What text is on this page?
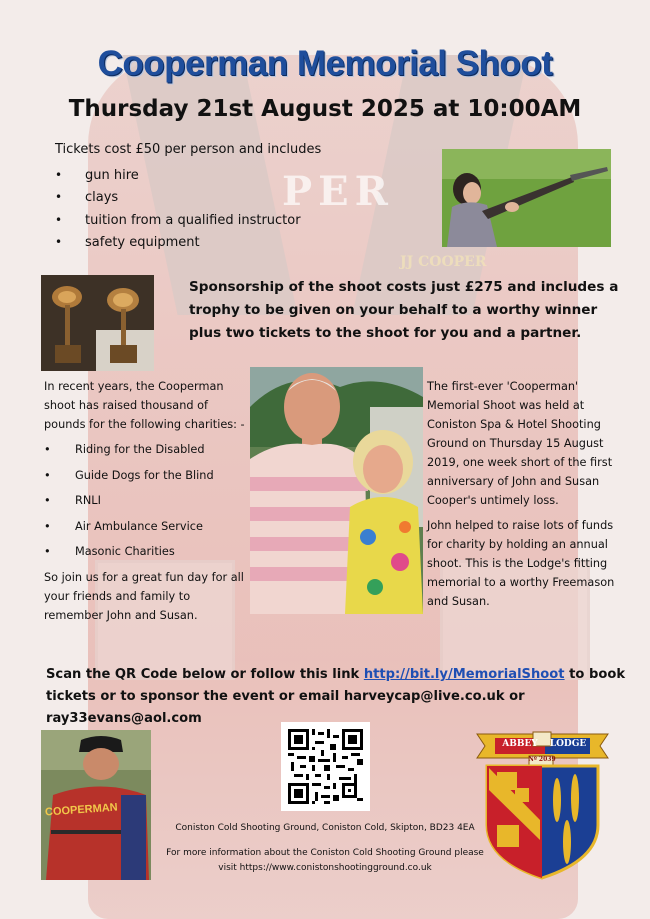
PER
JJ COOPER
Cooperman Memorial Shoot
Thursday 21st August 2025 at 10:00AM
Tickets cost £50 per person and includes
• gun hire
• clays
• tuition from a qualified instructor
• safety equipment
Sponsorship of the shoot costs just £275 and includes a trophy to be given on your behalf to a worthy winner plus two tickets to the shoot for you and a partner.

In recent years, the Cooperman shoot has raised thousand of pounds for the following charities: -

• Riding for the Disabled
• Guide Dogs for the Blind
• RNLI
• Air Ambulance Service
• Masonic Charities

So join us for a great fun day for all your friends and family to remember John and Susan.

The first-ever 'Cooperman' Memorial Shoot was held at Coniston Spa & Hotel Shooting Ground on Thursday 15 August 2019, one week short of the first anniversary of John and Susan Cooper's untimely loss.

John helped to raise lots of funds for charity by holding an annual shoot. This is the Lodge's fitting memorial to a worthy Freemason and Susan.

Scan the QR Code below or follow this link http://bit.ly/MemorialShoot to book tickets or to sponsor the event or email harveycap@live.co.uk or ray33evans@aol.com
COOPERMAN
Coniston Cold Shooting Ground, Coniston Cold, Skipton, BD23 4EA
For more information about the Coniston Cold Shooting Ground please
visit https://www.conistonshootingground.co.uk
ABBEY	LODGE
Nº 2039
